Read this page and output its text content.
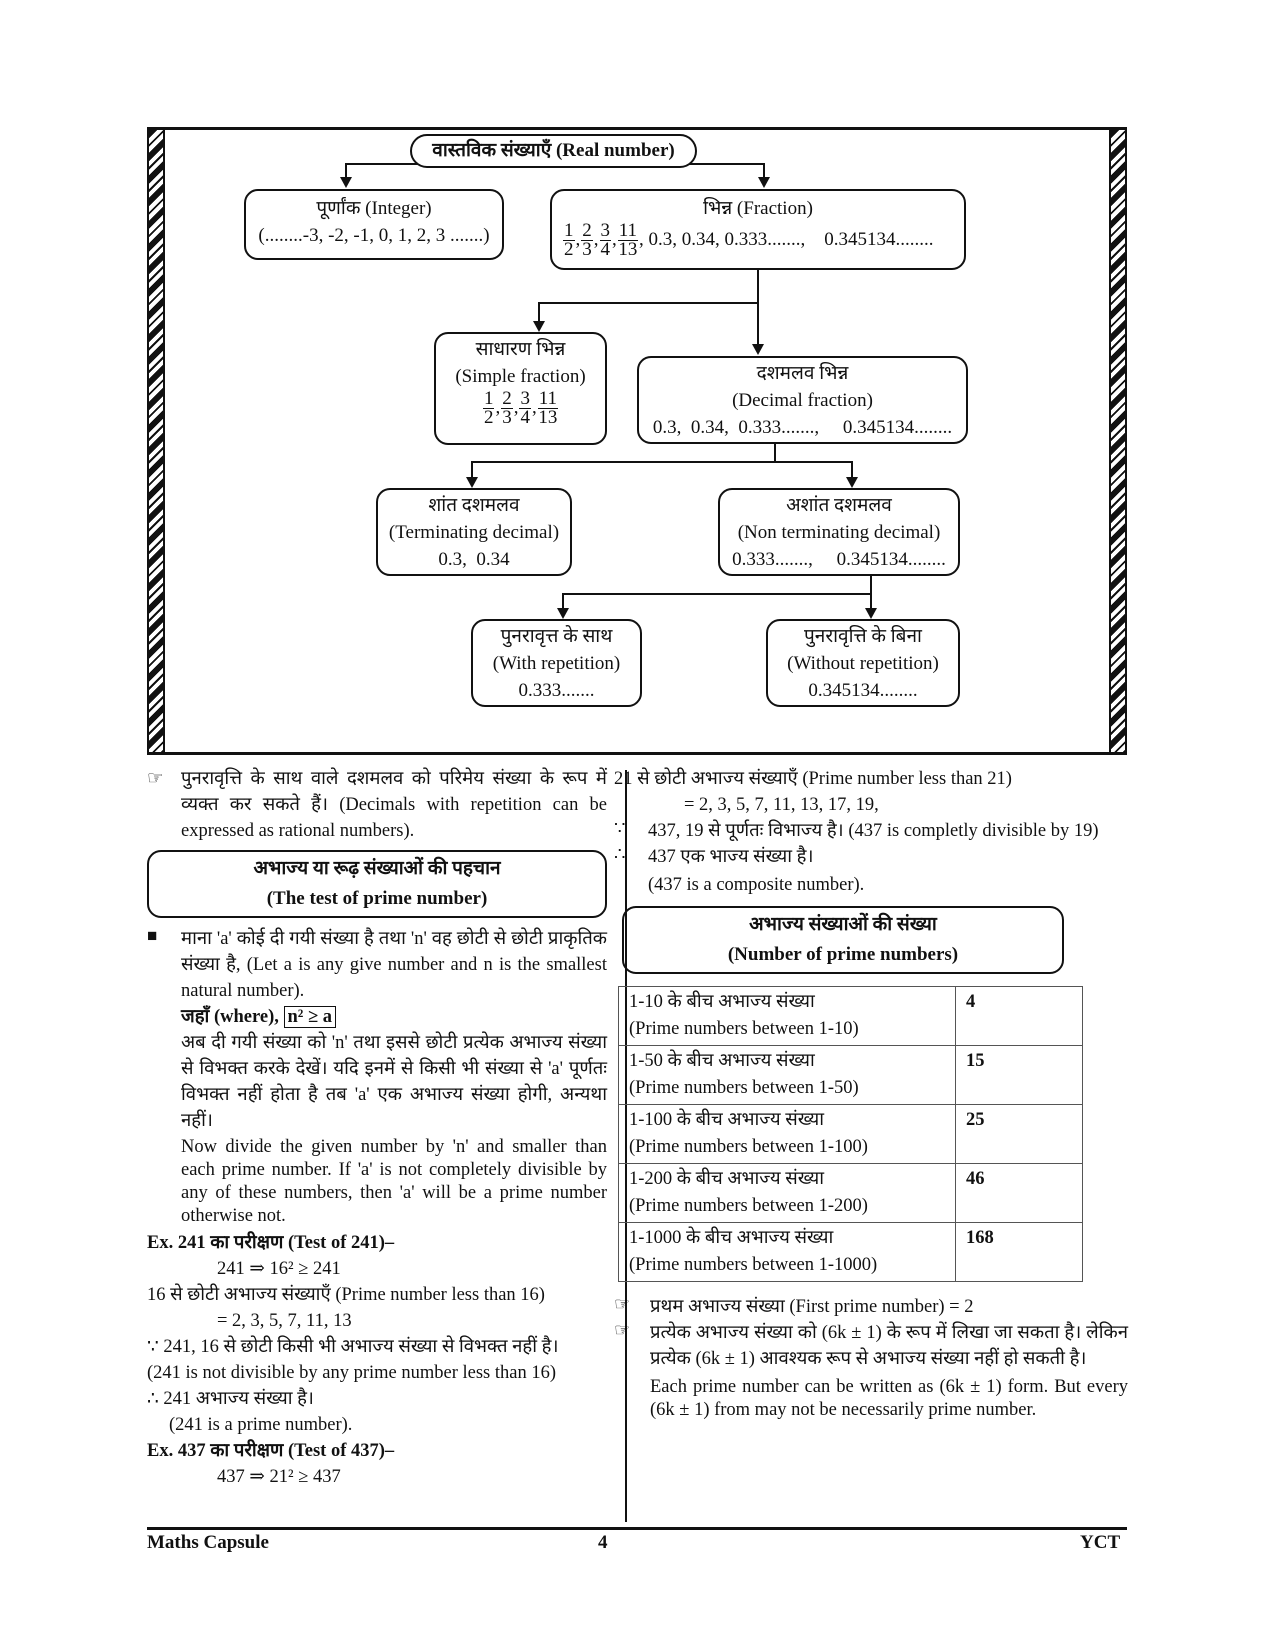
वास्तविक संख्याएँ (Real number)
पूर्णांक (Integer)
(........-3, -2, -1, 0, 1, 2, 3 .......)
भिन्न (Fraction)
$\frac{1}{2}$ , $\frac{2}{3}$ , $\frac{3}{4}$ , $\frac{11}{13}$ , 0.3, 0.34, 0.333.......,    0.345134........
साधारण भिन्न
(Simple fraction)
$\frac{1}{2}$ , $\frac{2}{3}$ , $\frac{3}{4}$ , $\frac{11}{13}$
दशमलव भिन्न
(Decimal fraction)
0.3,  0.34,  0.333.......,     0.345134........
शांत दशमलव
(Terminating decimal)
0.3,  0.34
अशांत दशमलव
(Non terminating decimal)
0.333.......,     0.345134........
पुनरावृत्त के साथ
(With repetition)
0.333.......
पुनरावृत्ति के बिना
(Without repetition)
0.345134........

☞ पुनरावृत्ति के साथ वाले दशमलव को परिमेय संख्या के रूप में व्यक्त कर सकते हैं। (Decimals with repetition can be expressed as rational numbers).

अभाज्य या रूढ़ संख्याओं की पहचान
(The test of prime number)
■ माना 'a' कोई दी गयी संख्या है तथा 'n' वह छोटी से छोटी प्राकृतिक संख्या है, (Let a is any give number and n is the smallest natural number).

जहाँ (where), n² ≥ a

अब दी गयी संख्या को 'n' तथा इससे छोटी प्रत्येक अभाज्य संख्या से विभक्त करके देखें। यदि इनमें से किसी भी संख्या से 'a' पूर्णतः विभक्त नहीं होता है तब 'a' एक अभाज्य संख्या होगी, अन्यथा नहीं।

Now divide the given number by 'n' and smaller than each prime number. If 'a' is not completely divisible by any of these numbers, then 'a' will be a prime number otherwise not.

Ex. 241 का परीक्षण (Test of 241)–

241 ⇒ 16² ≥ 241

16 से छोटी अभाज्य संख्याएँ (Prime number less than 16)

= 2, 3, 5, 7, 11, 13

∵ 241, 16 से छोटी किसी भी अभाज्य संख्या से विभक्त नहीं है।

(241 is not divisible by any prime number less than 16)

∴ 241 अभाज्य संख्या है।

(241 is a prime number).

Ex. 437 का परीक्षण (Test of 437)–

437 ⇒ 21² ≥ 437

21 से छोटी अभाज्य संख्याएँ (Prime number less than 21)

= 2, 3, 5, 7, 11, 13, 17, 19,

∵ 437, 19 से पूर्णतः विभाज्य है। (437 is completly divisible by 19)

∴ 437 एक भाज्य संख्या है।

(437 is a composite number).

अभाज्य संख्याओं की संख्या
(Number of prime numbers)
1-10 के बीच अभाज्य संख्या
(Prime numbers between 1-10)	4

1-50 के बीच अभाज्य संख्या
(Prime numbers between 1-50)	15

1-100 के बीच अभाज्य संख्या
(Prime numbers between 1-100)	25

1-200 के बीच अभाज्य संख्या
(Prime numbers between 1-200)	46

1-1000 के बीच अभाज्य संख्या
(Prime numbers between 1-1000)	168
☞ प्रथम अभाज्य संख्या (First prime number) = 2

☞ प्रत्येक अभाज्य संख्या को (6k ± 1) के रूप में लिखा जा सकता है। लेकिन प्रत्येक (6k ± 1) आवश्यक रूप से अभाज्य संख्या नहीं हो सकती है।

Each prime number can be written as (6k ± 1) form. But every (6k ± 1) from may not be necessarily prime number.

Maths Capsule	4	YCT
